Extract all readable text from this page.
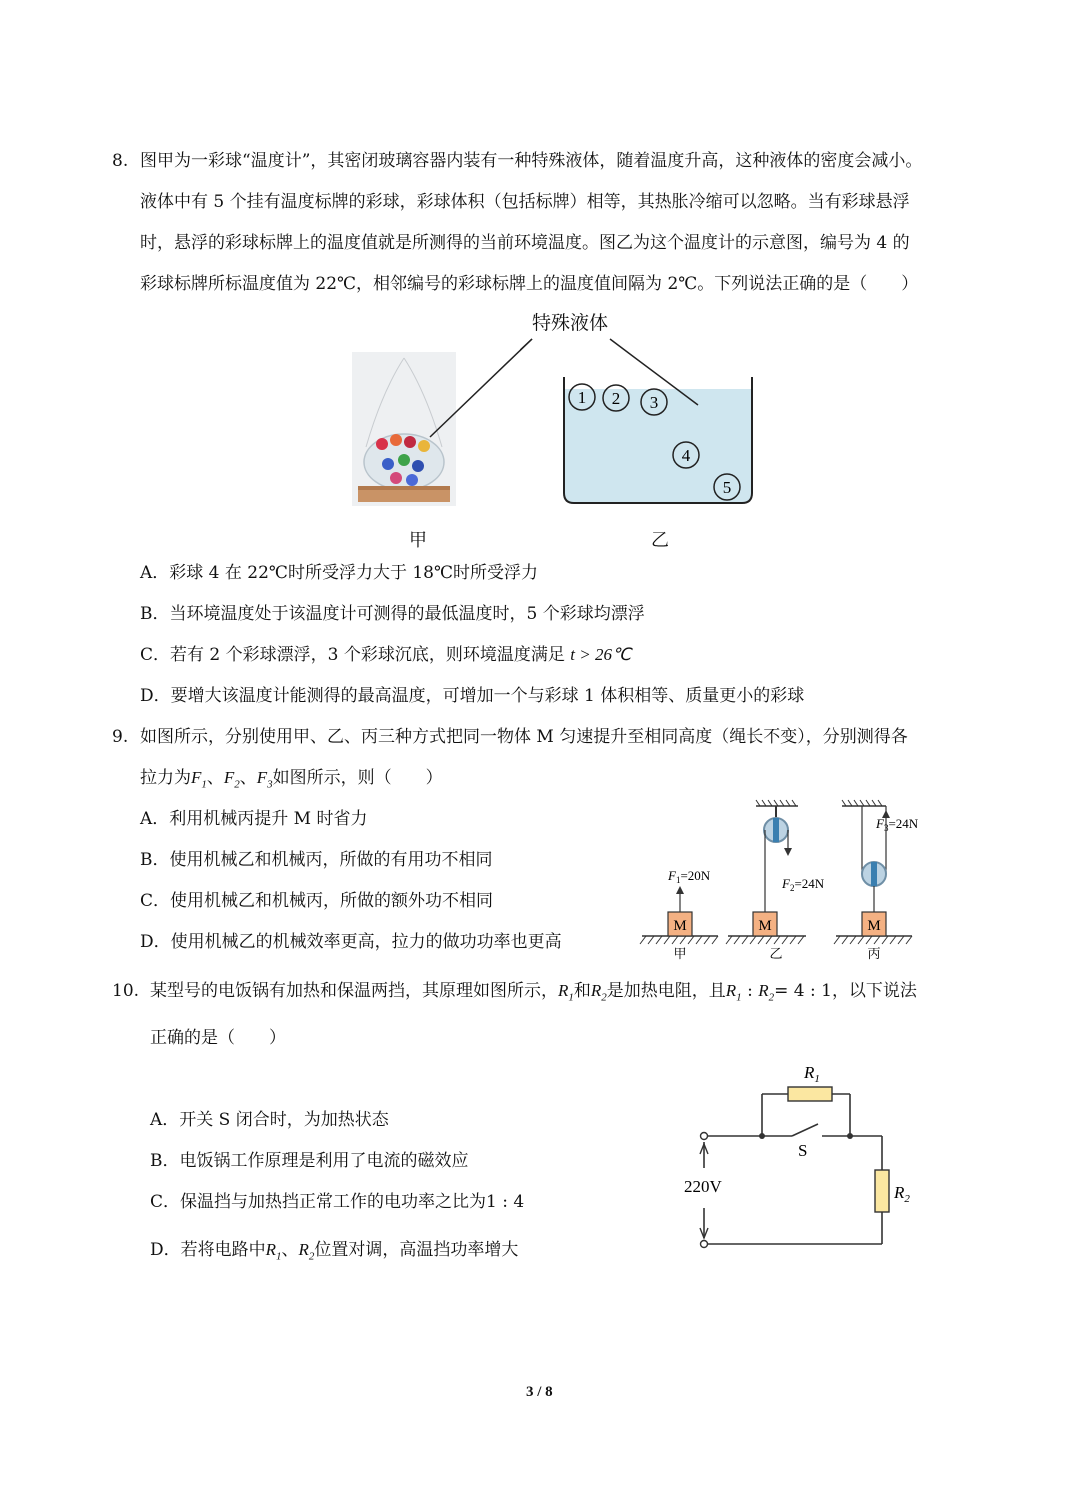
8. 图甲为一彩球“温度计”，其密闭玻璃容器内装有一种特殊液体，随着温度升高，这种液体的密度会减小。
液体中有 5 个挂有温度标牌的彩球，彩球体积（包括标牌）相等，其热胀冷缩可以忽略。当有彩球悬浮
时，悬浮的彩球标牌上的温度值就是所测得的当前环境温度。图乙为这个温度计的示意图，编号为 4 的
彩球标牌所标温度值为 22℃，相邻编号的彩球标牌上的温度值间隔为 2℃。下列说法正确的是（　　）
1 2 3
4
5
特殊液体
甲	乙
A．彩球 4 在 22℃时所受浮力大于 18℃时所受浮力
B．当环境温度处于该温度计可测得的最低温度时，5 个彩球均漂浮
C．若有 2 个彩球漂浮，3 个彩球沉底，则环境温度满足 t > 26℃
D．要增大该温度计能测得的最高温度，可增加一个与彩球 1 体积相等、质量更小的彩球
9. 如图所示，分别使用甲、乙、丙三种方式把同一物体 M 匀速提升至相同高度（绳长不变），分别测得各
拉力为$F_1$、$F_2$、$F_3$如图所示，则（　　）
A．利用机械丙提升 M 时省力
B．使用机械乙和机械丙，所做的有用功不相同
C．使用机械乙和机械丙，所做的额外功不相同
D．使用机械乙的机械效率更高，拉力的做功功率也更高
M
$F_1=20N$
甲
M
$F_2=24N$
乙
M
$F_3=24N$
丙
10. 某型号的电饭锅有加热和保温两挡，其原理如图所示，$R_1$和$R_2$是加热电阻，且$R_1$ : $R_2= 4$ : 1，以下说法
正确的是（　　）
A．开关 S 闭合时，为加热状态
B．电饭锅工作原理是利用了电流的磁效应
C．保温挡与加热挡正常工作的电功率之比为1 : 4
D．若将电路中$R_1$、$R_2$位置对调，高温挡功率增大
$R_1$
$R_2$
S
220V
3 / 8
